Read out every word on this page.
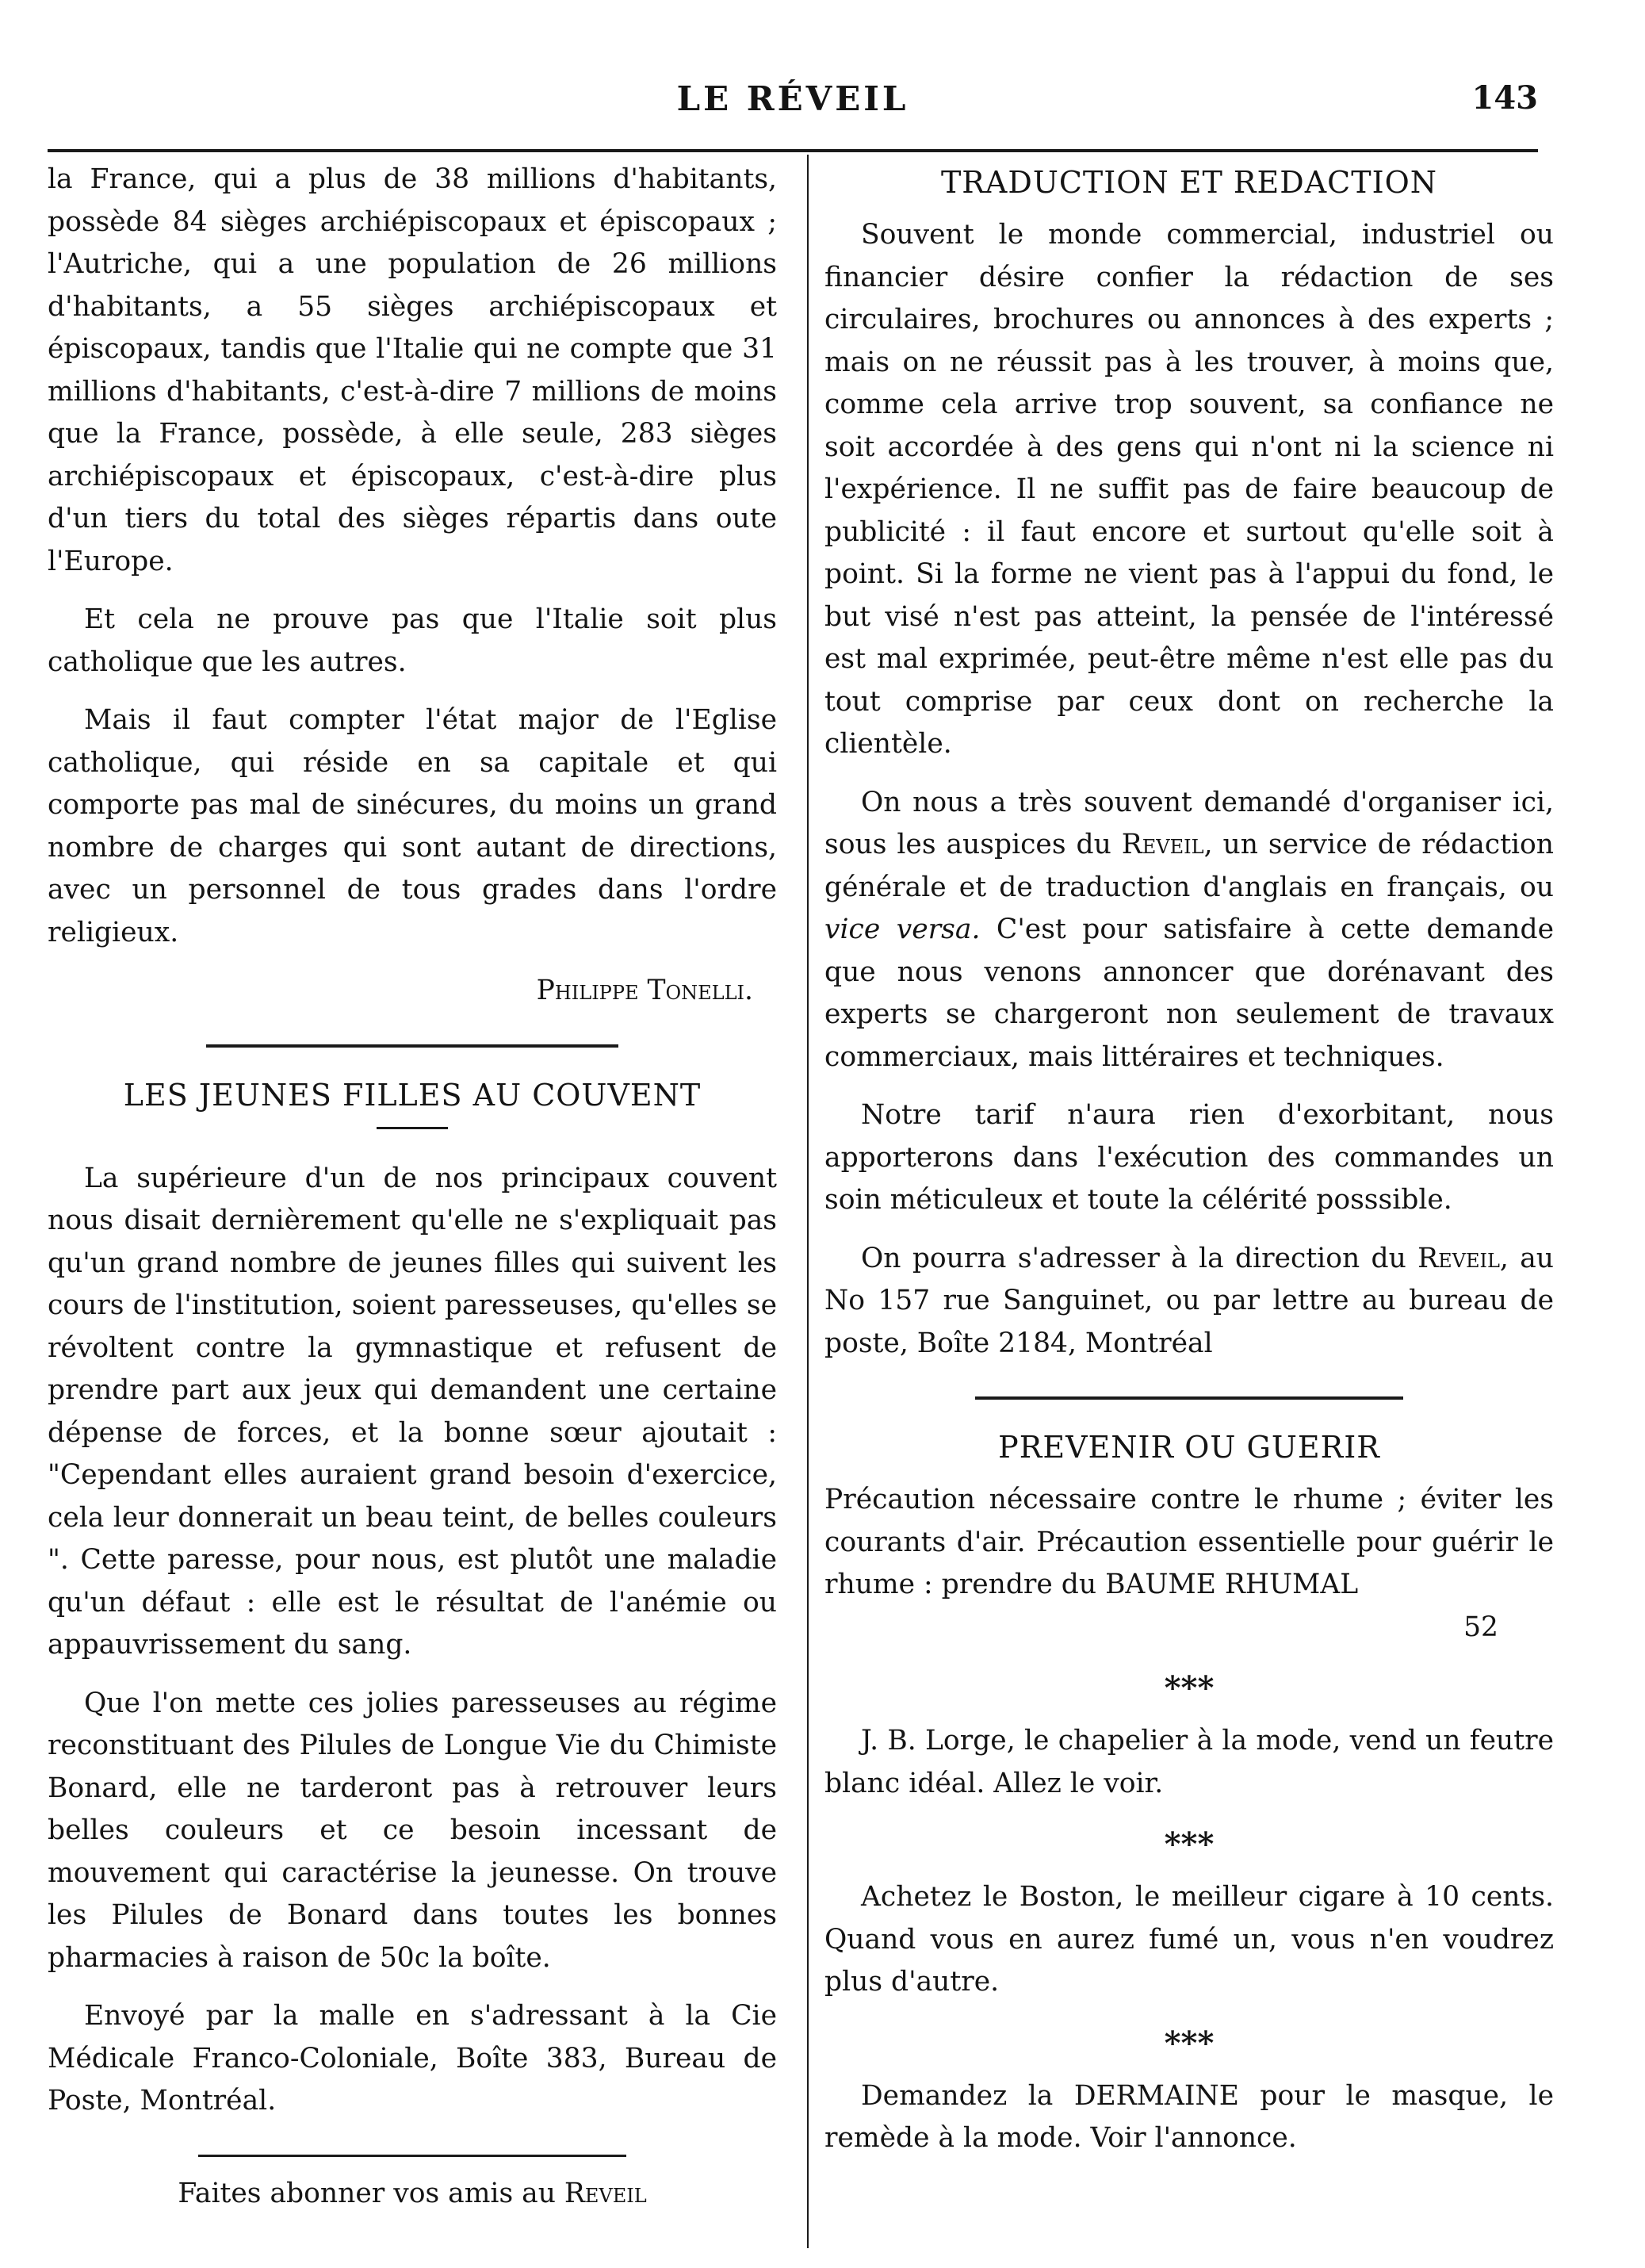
LE RÉVEIL	143

la France, qui a plus de 38 millions d'habitants, possède 84 sièges archiépiscopaux et épiscopaux ; l'Autriche, qui a une population de 26 millions d'habitants, a 55 sièges archiépiscopaux et épiscopaux, tandis que l'Italie qui ne compte que 31 millions d'habitants, c'est-à-dire 7 millions de moins que la France, possède, à elle seule, 283 sièges archiépiscopaux et épiscopaux, c'est-à-dire plus d'un tiers du total des sièges répartis dans oute l'Europe.

Et cela ne prouve pas que l'Italie soit plus catholique que les autres.

Mais il faut compter l'état major de l'Eglise catholique, qui réside en sa capitale et qui comporte pas mal de sinécures, du moins un grand nombre de charges qui sont autant de directions, avec un personnel de tous grades dans l'ordre religieux.

Philippe Tonelli.

LES JEUNES FILLES AU COUVENT

La supérieure d'un de nos principaux couvent nous disait dernièrement qu'elle ne s'expliquait pas qu'un grand nombre de jeunes filles qui suivent les cours de l'institution, soient paresseuses, qu'elles se révoltent contre la gymnastique et refusent de prendre part aux jeux qui demandent une certaine dépense de forces, et la bonne sœur ajoutait : "Cependant elles auraient grand besoin d'exercice, cela leur donnerait un beau teint, de belles couleurs ". Cette paresse, pour nous, est plutôt une maladie qu'un défaut : elle est le résultat de l'anémie ou appauvrissement du sang.

Que l'on mette ces jolies paresseuses au régime reconstituant des Pilules de Longue Vie du Chimiste Bonard, elle ne tarderont pas à retrouver leurs belles couleurs et ce besoin incessant de mouvement qui caractérise la jeunesse. On trouve les Pilules de Bonard dans toutes les bonnes pharmacies à raison de 50c la boîte.

Envoyé par la malle en s'adressant à la Cie Médicale Franco-Coloniale, Boîte 383, Bureau de Poste, Montréal.

Faites abonner vos amis au Reveil

TRADUCTION ET REDACTION

Souvent le monde commercial, industriel ou financier désire confier la rédaction de ses circulaires, brochures ou annonces à des experts ; mais on ne réussit pas à les trouver, à moins que, comme cela arrive trop souvent, sa confiance ne soit accordée à des gens qui n'ont ni la science ni l'expérience. Il ne suffit pas de faire beaucoup de publicité : il faut encore et surtout qu'elle soit à point. Si la forme ne vient pas à l'appui du fond, le but visé n'est pas atteint, la pensée de l'intéressé est mal exprimée, peut-être même n'est elle pas du tout comprise par ceux dont on recherche la clientèle.

On nous a très souvent demandé d'organiser ici, sous les auspices du Reveil, un service de rédaction générale et de traduction d'anglais en français, ou vice versa. C'est pour satisfaire à cette demande que nous venons annoncer que dorénavant des experts se chargeront non seulement de travaux commerciaux, mais littéraires et techniques.

Notre tarif n'aura rien d'exorbitant, nous apporterons dans l'exécution des commandes un soin méticuleux et toute la célérité posssible.

On pourra s'adresser à la direction du Reveil, au No 157 rue Sanguinet, ou par lettre au bureau de poste, Boîte 2184, Montréal

PREVENIR OU GUERIR

Précaution nécessaire contre le rhume ; éviter les courants d'air. Précaution essentielle pour guérir le rhume : prendre du BAUME RHUMAL

52

***

J. B. Lorge, le chapelier à la mode, vend un feutre blanc idéal. Allez le voir.

***

Achetez le Boston, le meilleur cigare à 10 cents. Quand vous en aurez fumé un, vous n'en voudrez plus d'autre.

***

Demandez la DERMAINE pour le masque, le remède à la mode. Voir l'annonce.
